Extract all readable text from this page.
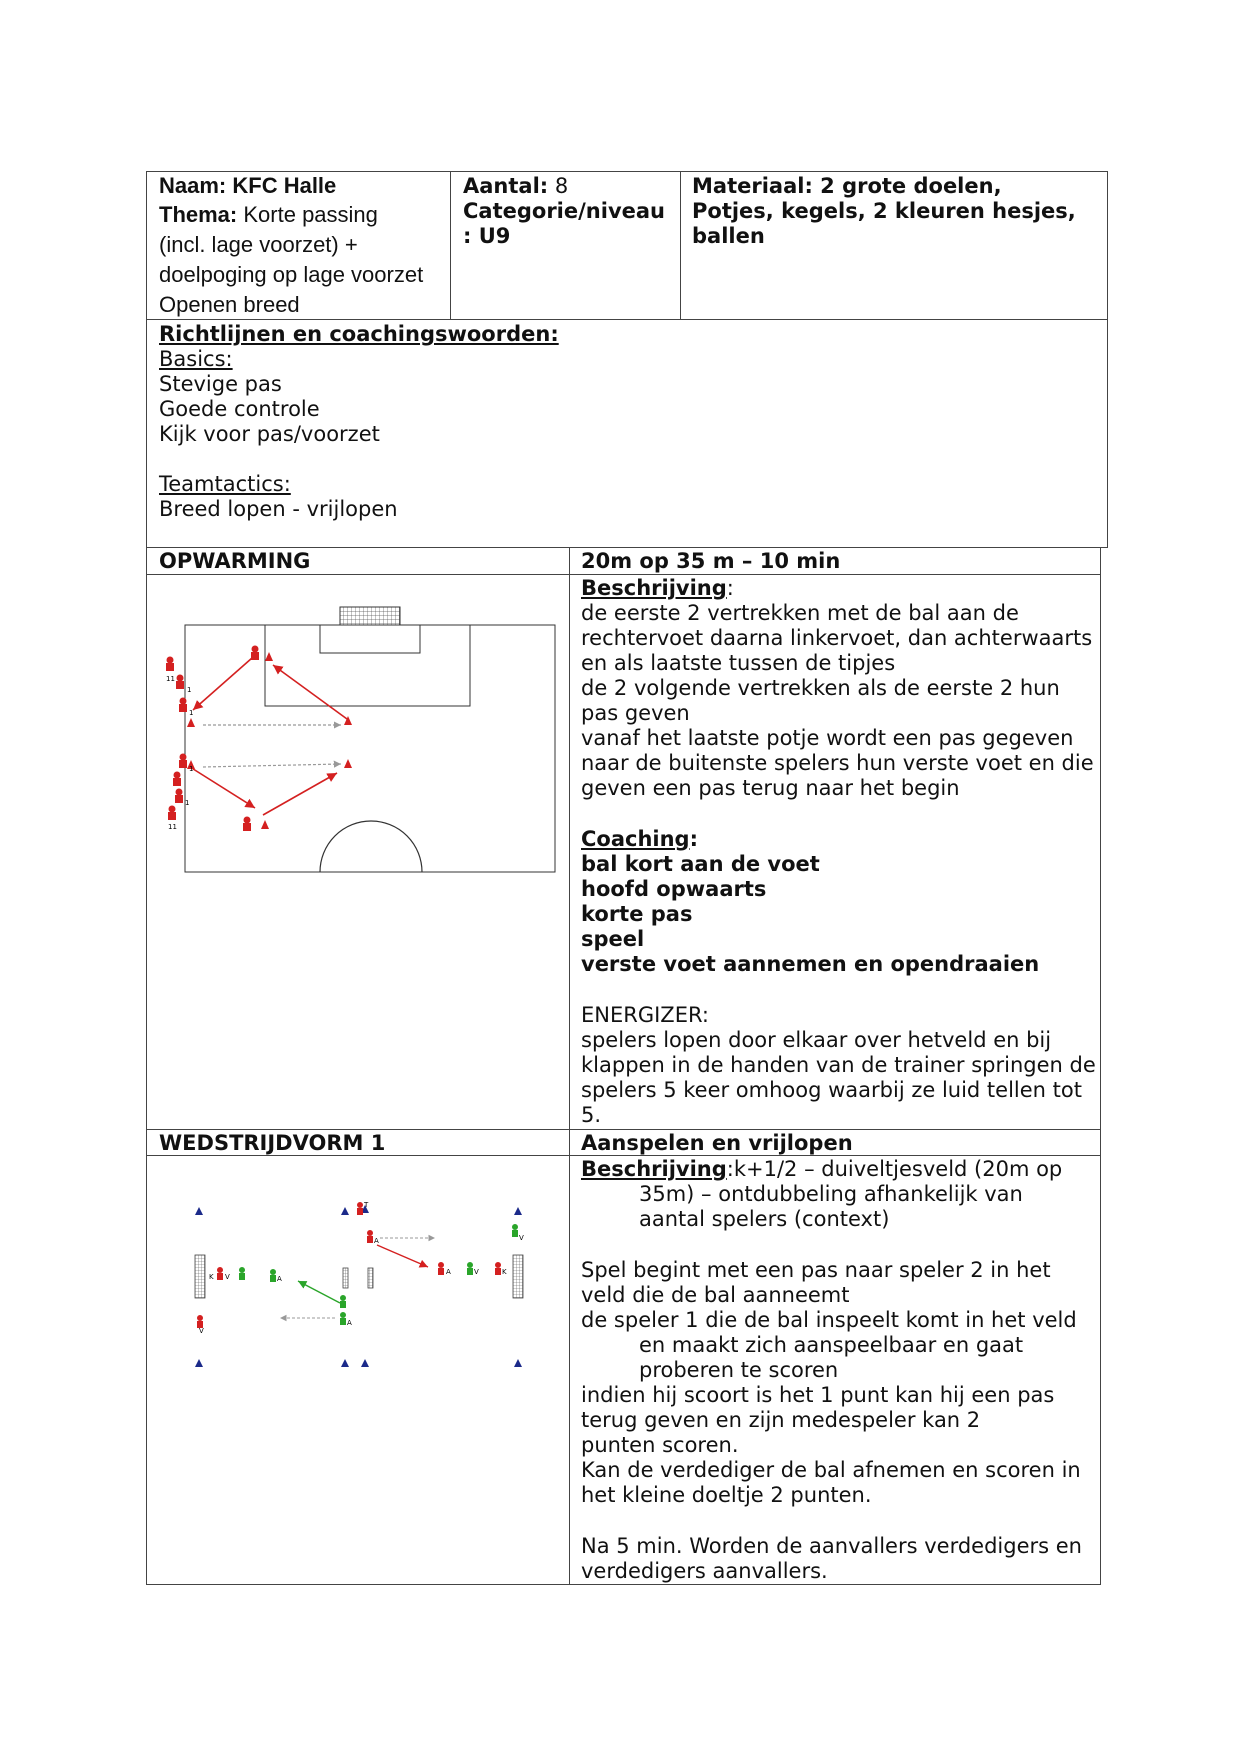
Naam: KFC Halle
Thema: Korte passing
(incl. lage voorzet) +
doelpoging op lage voorzet
Openen breed
Aantal: 8
Categorie/niveau
: U9
Materiaal: 2 grote doelen,
Potjes, kegels, 2 kleuren hesjes,
ballen
Richtlijnen en coachingswoorden:
Basics:
Stevige pas
Goede controle
Kijk voor pas/voorzet
Teamtactics:
Breed lopen - vrijlopen
OPWARMING	20m op 35 m – 10 min
Beschrijving:
de eerste 2 vertrekken met de bal aan de
rechtervoet daarna linkervoet, dan achterwaarts
en als laatste tussen de tipjes
de 2 volgende vertrekken als de eerste 2 hun
pas geven
vanaf het laatste potje wordt een pas gegeven
naar de buitenste spelers hun verste voet en die
geven een pas terug naar het begin
Coaching:
bal kort aan de voet
hoofd opwaarts
korte pas
speel
verste voet aannemen en opendraaien
ENERGIZER:
spelers lopen door elkaar over hetveld en bij
klappen in de handen van de trainer springen de
spelers 5 keer omhoog waarbij ze luid tellen tot
5.
1
1
11
1
1
11
WEDSTRIJDVORM 1	Aanspelen en vrijlopen
Beschrijving:k+1/2 – duiveltjesveld (20m op
35m) – ontdubbeling afhankelijk van
aantal spelers (context)
Spel begint met een pas naar speler 2 in het
veld die de bal aanneemt
de speler 1 die de bal inspeelt komt in het veld
en maakt zich aanspeelbaar en gaat
proberen te scoren
indien hij scoort is het 1 punt kan hij een pas
terug geven en zijn medespeler kan 2
punten scoren.
Kan de verdediger de bal afnemen en scoren in
het kleine doeltje 2 punten.
Na 5 min. Worden de aanvallers verdedigers en
verdedigers aanvallers.
T
A
K V	A
A	V	K
V
A
V
